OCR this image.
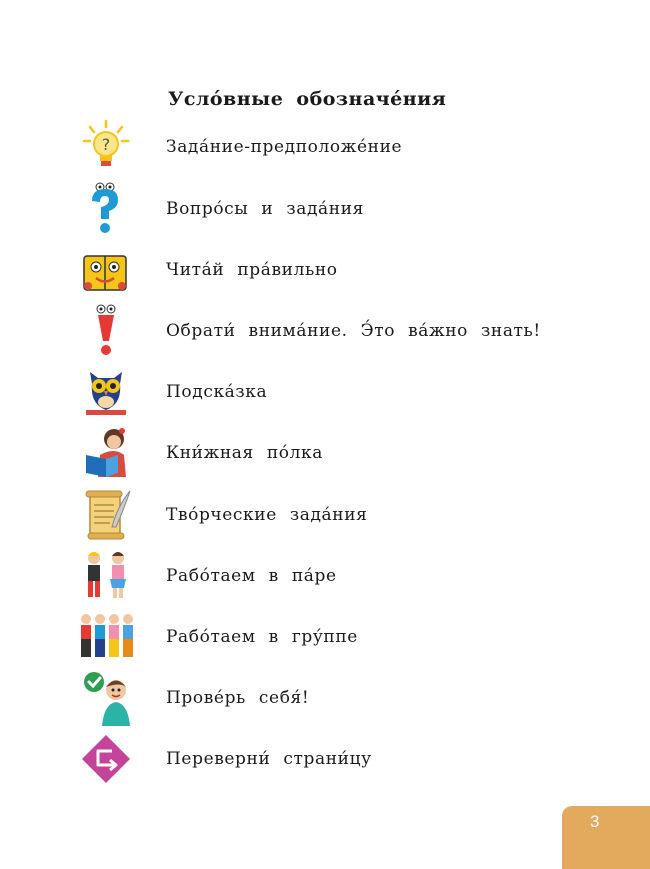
Усло́вные обозначе́ния
?	Зада́ние-предположе́ние
Вопро́сы и зада́ния
Чита́й пра́вильно
Обрати́ внима́ние. Э́то ва́жно знать!
Подска́зка
Кни́жная по́лка
Тво́рческие зада́ния
Рабо́таем в па́ре
Рабо́таем в гру́ппе
Прове́рь себя́!
Переверни́ страни́цу
3
